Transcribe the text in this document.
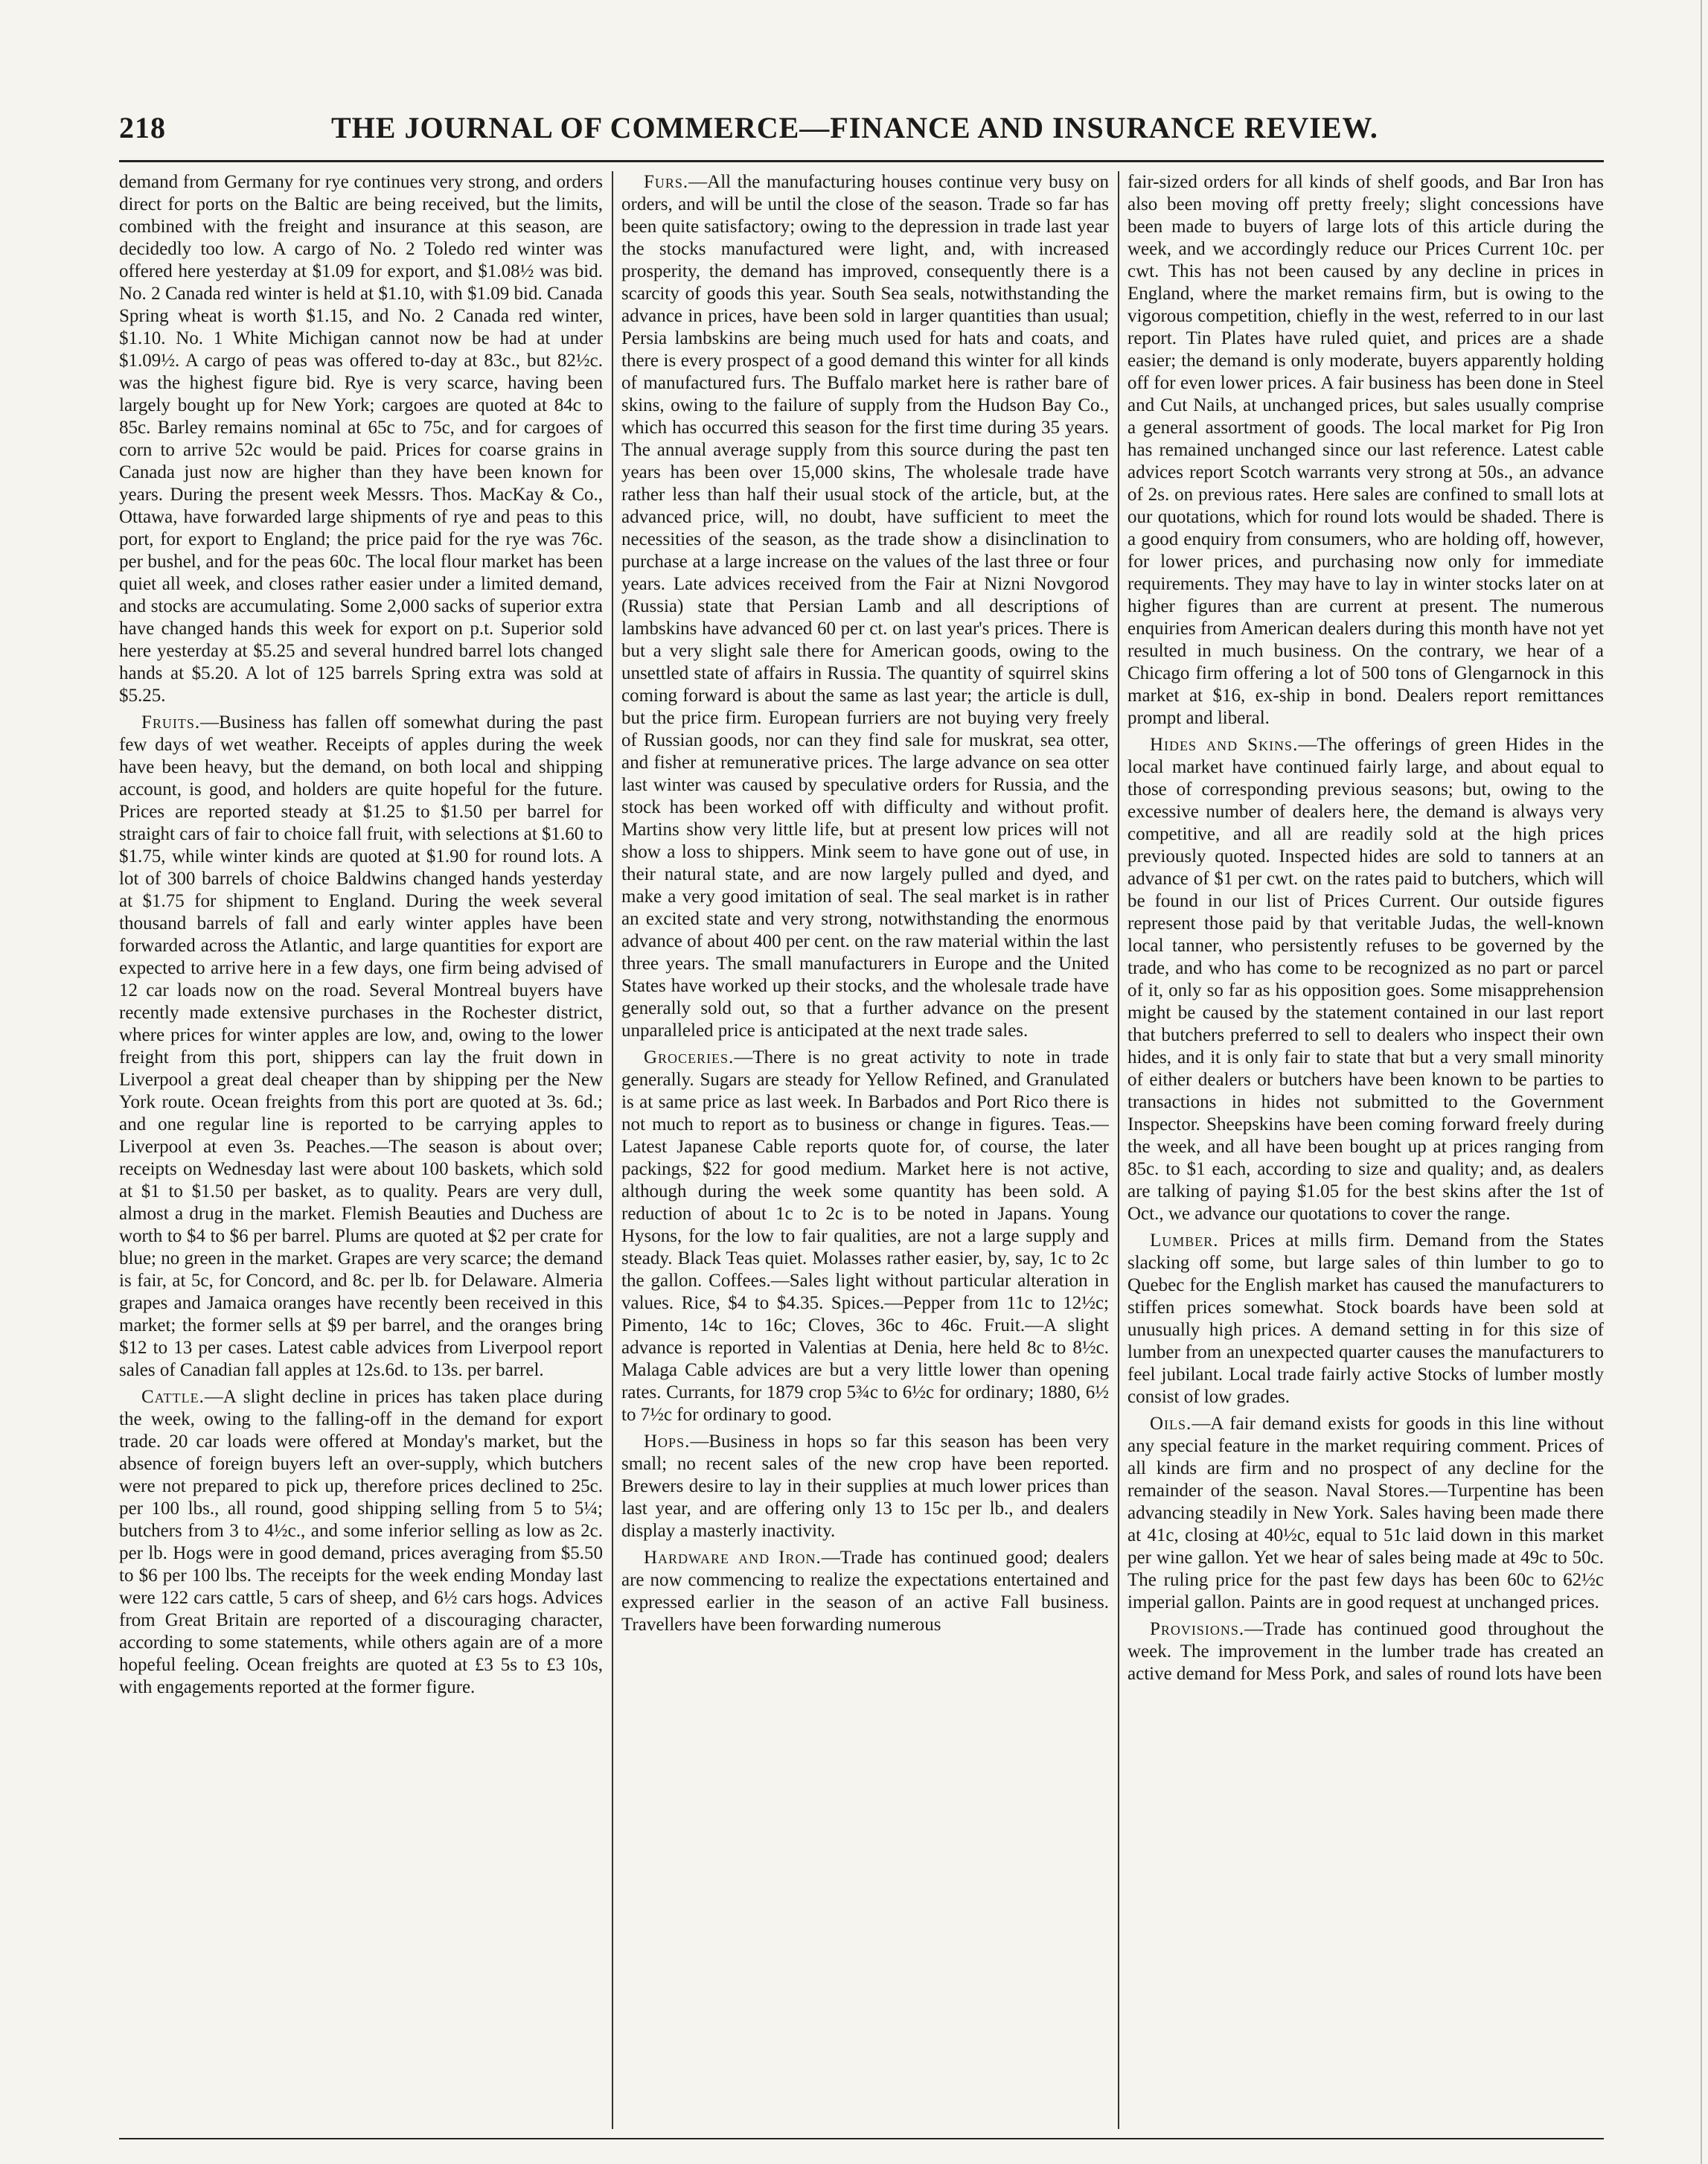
218	THE JOURNAL OF COMMERCE—FINANCE AND INSURANCE REVIEW.

demand from Germany for rye continues very strong, and orders direct for ports on the Baltic are being received, but the limits, combined with the freight and insurance at this season, are decidedly too low. A cargo of No. 2 Toledo red winter was offered here yesterday at $1.09 for export, and $1.08½ was bid. No. 2 Canada red winter is held at $1.10, with $1.09 bid. Canada Spring wheat is worth $1.15, and No. 2 Canada red winter, $1.10. No. 1 White Michigan cannot now be had at under $1.09½. A cargo of peas was offered to-day at 83c., but 82½c. was the highest figure bid. Rye is very scarce, having been largely bought up for New York; cargoes are quoted at 84c to 85c. Barley remains nominal at 65c to 75c, and for cargoes of corn to arrive 52c would be paid. Prices for coarse grains in Canada just now are higher than they have been known for years. During the present week Messrs. Thos. MacKay & Co., Ottawa, have forwarded large shipments of rye and peas to this port, for export to England; the price paid for the rye was 76c. per bushel, and for the peas 60c. The local flour market has been quiet all week, and closes rather easier under a limited demand, and stocks are accumulating. Some 2,000 sacks of superior extra have changed hands this week for export on p.t. Superior sold here yesterday at $5.25 and several hundred barrel lots changed hands at $5.20. A lot of 125 barrels Spring extra was sold at $5.25.

Fruits.—Business has fallen off somewhat during the past few days of wet weather. Receipts of apples during the week have been heavy, but the demand, on both local and shipping account, is good, and holders are quite hopeful for the future. Prices are reported steady at $1.25 to $1.50 per barrel for straight cars of fair to choice fall fruit, with selections at $1.60 to $1.75, while winter kinds are quoted at $1.90 for round lots. A lot of 300 barrels of choice Baldwins changed hands yesterday at $1.75 for shipment to England. During the week several thousand barrels of fall and early winter apples have been forwarded across the Atlantic, and large quantities for export are expected to arrive here in a few days, one firm being advised of 12 car loads now on the road. Several Montreal buyers have recently made extensive purchases in the Rochester district, where prices for winter apples are low, and, owing to the lower freight from this port, shippers can lay the fruit down in Liverpool a great deal cheaper than by shipping per the New York route. Ocean freights from this port are quoted at 3s. 6d.; and one regular line is reported to be carrying apples to Liverpool at even 3s. Peaches.—The season is about over; receipts on Wednesday last were about 100 baskets, which sold at $1 to $1.50 per basket, as to quality. Pears are very dull, almost a drug in the market. Flemish Beauties and Duchess are worth to $4 to $6 per barrel. Plums are quoted at $2 per crate for blue; no green in the market. Grapes are very scarce; the demand is fair, at 5c, for Concord, and 8c. per lb. for Delaware. Almeria grapes and Jamaica oranges have recently been received in this market; the former sells at $9 per barrel, and the oranges bring $12 to 13 per cases. Latest cable advices from Liverpool report sales of Canadian fall apples at 12s.6d. to 13s. per barrel.

Cattle.—A slight decline in prices has taken place during the week, owing to the falling-off in the demand for export trade. 20 car loads were offered at Monday's market, but the absence of foreign buyers left an over-supply, which butchers were not prepared to pick up, therefore prices declined to 25c. per 100 lbs., all round, good shipping selling from 5 to 5¼; butchers from 3 to 4½c., and some inferior selling as low as 2c. per lb. Hogs were in good demand, prices averaging from $5.50 to $6 per 100 lbs. The receipts for the week ending Monday last were 122 cars cattle, 5 cars of sheep, and 6½ cars hogs. Advices from Great Britain are reported of a discouraging character, according to some statements, while others again are of a more hopeful feeling. Ocean freights are quoted at £3 5s to £3 10s, with engagements reported at the former figure.

Furs.—All the manufacturing houses continue very busy on orders, and will be until the close of the season. Trade so far has been quite satisfactory; owing to the depression in trade last year the stocks manufactured were light, and, with increased prosperity, the demand has improved, consequently there is a scarcity of goods this year. South Sea seals, notwithstanding the advance in prices, have been sold in larger quantities than usual; Persia lambskins are being much used for hats and coats, and there is every prospect of a good demand this winter for all kinds of manufactured furs. The Buffalo market here is rather bare of skins, owing to the failure of supply from the Hudson Bay Co., which has occurred this season for the first time during 35 years. The annual average supply from this source during the past ten years has been over 15,000 skins, The wholesale trade have rather less than half their usual stock of the article, but, at the advanced price, will, no doubt, have sufficient to meet the necessities of the season, as the trade show a disinclination to purchase at a large increase on the values of the last three or four years. Late advices received from the Fair at Nizni Novgorod (Russia) state that Persian Lamb and all descriptions of lambskins have advanced 60 per ct. on last year's prices. There is but a very slight sale there for American goods, owing to the unsettled state of affairs in Russia. The quantity of squirrel skins coming forward is about the same as last year; the article is dull, but the price firm. European furriers are not buying very freely of Russian goods, nor can they find sale for muskrat, sea otter, and fisher at remunerative prices. The large advance on sea otter last winter was caused by speculative orders for Russia, and the stock has been worked off with difficulty and without profit. Martins show very little life, but at present low prices will not show a loss to shippers. Mink seem to have gone out of use, in their natural state, and are now largely pulled and dyed, and make a very good imitation of seal. The seal market is in rather an excited state and very strong, notwithstanding the enormous advance of about 400 per cent. on the raw material within the last three years. The small manufacturers in Europe and the United States have worked up their stocks, and the wholesale trade have generally sold out, so that a further advance on the present unparalleled price is anticipated at the next trade sales.

Groceries.—There is no great activity to note in trade generally. Sugars are steady for Yellow Refined, and Granulated is at same price as last week. In Barbados and Port Rico there is not much to report as to business or change in figures. Teas.—Latest Japanese Cable reports quote for, of course, the later packings, $22 for good medium. Market here is not active, although during the week some quantity has been sold. A reduction of about 1c to 2c is to be noted in Japans. Young Hysons, for the low to fair qualities, are not a large supply and steady. Black Teas quiet. Molasses rather easier, by, say, 1c to 2c the gallon. Coffees.—Sales light without particular alteration in values. Rice, $4 to $4.35. Spices.—Pepper from 11c to 12½c; Pimento, 14c to 16c; Cloves, 36c to 46c. Fruit.—A slight advance is reported in Valentias at Denia, here held 8c to 8½c. Malaga Cable advices are but a very little lower than opening rates. Currants, for 1879 crop 5¾c to 6½c for ordinary; 1880, 6½ to 7½c for ordinary to good.

Hops.—Business in hops so far this season has been very small; no recent sales of the new crop have been reported. Brewers desire to lay in their supplies at much lower prices than last year, and are offering only 13 to 15c per lb., and dealers display a masterly inactivity.

Hardware and Iron.—Trade has continued good; dealers are now commencing to realize the expectations entertained and expressed earlier in the season of an active Fall business. Travellers have been forwarding numerous

fair-sized orders for all kinds of shelf goods, and Bar Iron has also been moving off pretty freely; slight concessions have been made to buyers of large lots of this article during the week, and we accordingly reduce our Prices Current 10c. per cwt. This has not been caused by any decline in prices in England, where the market remains firm, but is owing to the vigorous competition, chiefly in the west, referred to in our last report. Tin Plates have ruled quiet, and prices are a shade easier; the demand is only moderate, buyers apparently holding off for even lower prices. A fair business has been done in Steel and Cut Nails, at unchanged prices, but sales usually comprise a general assortment of goods. The local market for Pig Iron has remained unchanged since our last reference. Latest cable advices report Scotch warrants very strong at 50s., an advance of 2s. on previous rates. Here sales are confined to small lots at our quotations, which for round lots would be shaded. There is a good enquiry from consumers, who are holding off, however, for lower prices, and purchasing now only for immediate requirements. They may have to lay in winter stocks later on at higher figures than are current at present. The numerous enquiries from American dealers during this month have not yet resulted in much business. On the contrary, we hear of a Chicago firm offering a lot of 500 tons of Glengarnock in this market at $16, ex-ship in bond. Dealers report remittances prompt and liberal.

Hides and Skins.—The offerings of green Hides in the local market have continued fairly large, and about equal to those of corresponding previous seasons; but, owing to the excessive number of dealers here, the demand is always very competitive, and all are readily sold at the high prices previously quoted. Inspected hides are sold to tanners at an advance of $1 per cwt. on the rates paid to butchers, which will be found in our list of Prices Current. Our outside figures represent those paid by that veritable Judas, the well-known local tanner, who persistently refuses to be governed by the trade, and who has come to be recognized as no part or parcel of it, only so far as his opposition goes. Some misapprehension might be caused by the statement contained in our last report that butchers preferred to sell to dealers who inspect their own hides, and it is only fair to state that but a very small minority of either dealers or butchers have been known to be parties to transactions in hides not submitted to the Government Inspector. Sheepskins have been coming forward freely during the week, and all have been bought up at prices ranging from 85c. to $1 each, according to size and quality; and, as dealers are talking of paying $1.05 for the best skins after the 1st of Oct., we advance our quotations to cover the range.

Lumber. Prices at mills firm. Demand from the States slacking off some, but large sales of thin lumber to go to Quebec for the English market has caused the manufacturers to stiffen prices somewhat. Stock boards have been sold at unusually high prices. A demand setting in for this size of lumber from an unexpected quarter causes the manufacturers to feel jubilant. Local trade fairly active Stocks of lumber mostly consist of low grades.

Oils.—A fair demand exists for goods in this line without any special feature in the market requiring comment. Prices of all kinds are firm and no prospect of any decline for the remainder of the season. Naval Stores.—Turpentine has been advancing steadily in New York. Sales having been made there at 41c, closing at 40½c, equal to 51c laid down in this market per wine gallon. Yet we hear of sales being made at 49c to 50c. The ruling price for the past few days has been 60c to 62½c imperial gallon. Paints are in good request at unchanged prices.

Provisions.—Trade has continued good throughout the week. The improvement in the lumber trade has created an active demand for Mess Pork, and sales of round lots have been
